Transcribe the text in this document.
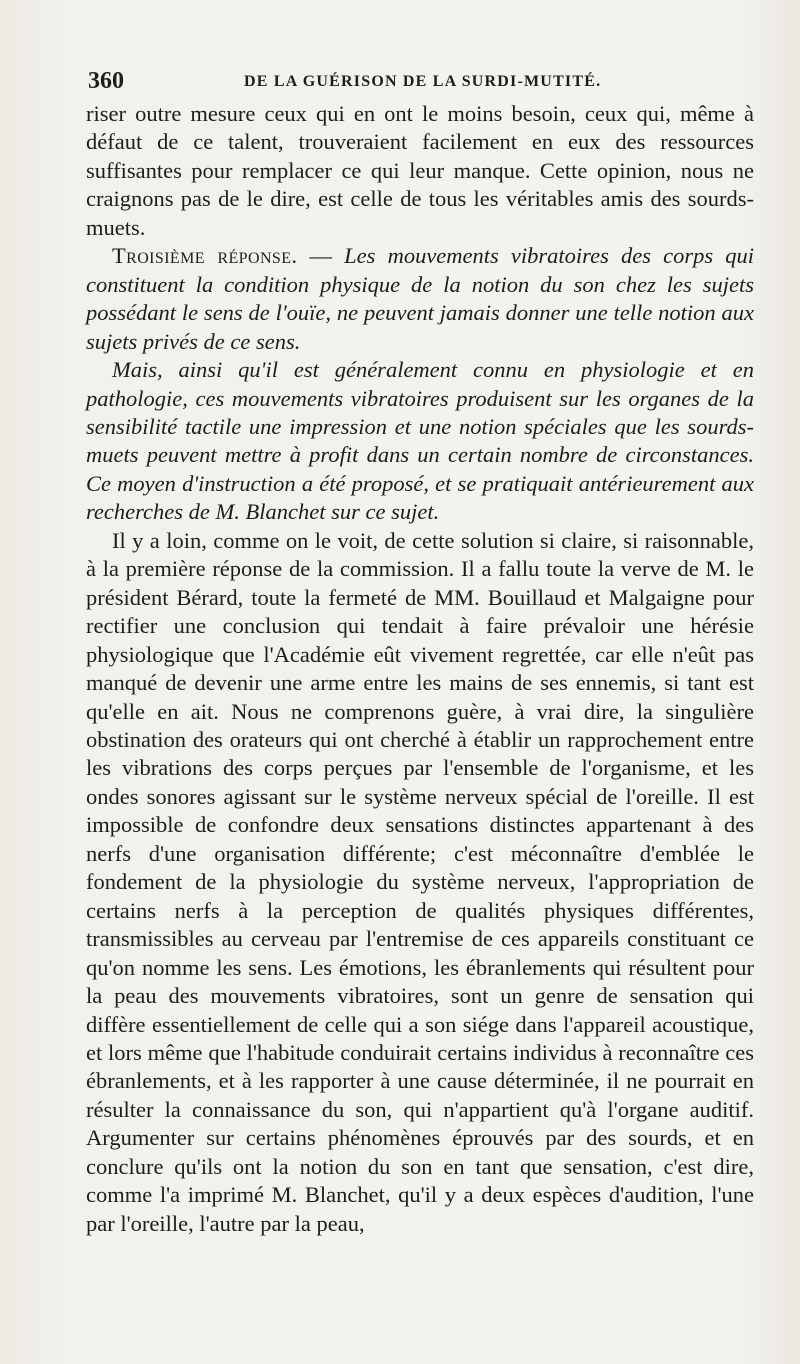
360	DE LA GUÉRISON DE LA SURDI-MUTITÉ.

riser outre mesure ceux qui en ont le moins besoin, ceux qui, même à défaut de ce talent, trouveraient facilement en eux des ressources suffisantes pour remplacer ce qui leur manque. Cette opinion, nous ne craignons pas de le dire, est celle de tous les véritables amis des sourds-muets.

Troisième réponse. — Les mouvements vibratoires des corps qui constituent la condition physique de la notion du son chez les sujets possédant le sens de l'ouïe, ne peuvent jamais donner une telle notion aux sujets privés de ce sens.

Mais, ainsi qu'il est généralement connu en physiologie et en pathologie, ces mouvements vibratoires produisent sur les organes de la sensibilité tactile une impression et une notion spéciales que les sourds-muets peuvent mettre à profit dans un certain nombre de circonstances. Ce moyen d'instruction a été proposé, et se pratiquait antérieurement aux recherches de M. Blanchet sur ce sujet.

Il y a loin, comme on le voit, de cette solution si claire, si raisonnable, à la première réponse de la commission. Il a fallu toute la verve de M. le président Bérard, toute la fermeté de MM. Bouillaud et Malgaigne pour rectifier une conclusion qui tendait à faire prévaloir une hérésie physiologique que l'Académie eût vivement regrettée, car elle n'eût pas manqué de devenir une arme entre les mains de ses ennemis, si tant est qu'elle en ait. Nous ne comprenons guère, à vrai dire, la singulière obstination des orateurs qui ont cherché à établir un rapprochement entre les vibrations des corps perçues par l'ensemble de l'organisme, et les ondes sonores agissant sur le système nerveux spécial de l'oreille. Il est impossible de confondre deux sensations distinctes appartenant à des nerfs d'une organisation différente; c'est méconnaître d'emblée le fondement de la physiologie du système nerveux, l'appropriation de certains nerfs à la perception de qualités physiques différentes, transmissibles au cerveau par l'entremise de ces appareils constituant ce qu'on nomme les sens. Les émotions, les ébranlements qui résultent pour la peau des mouvements vibratoires, sont un genre de sensation qui diffère essentiellement de celle qui a son siége dans l'appareil acoustique, et lors même que l'habitude conduirait certains individus à reconnaître ces ébranlements, et à les rapporter à une cause déterminée, il ne pourrait en résulter la connaissance du son, qui n'appartient qu'à l'organe auditif. Argumenter sur certains phénomènes éprouvés par des sourds, et en conclure qu'ils ont la notion du son en tant que sensation, c'est dire, comme l'a imprimé M. Blanchet, qu'il y a deux espèces d'audition, l'une par l'oreille, l'autre par la peau,
